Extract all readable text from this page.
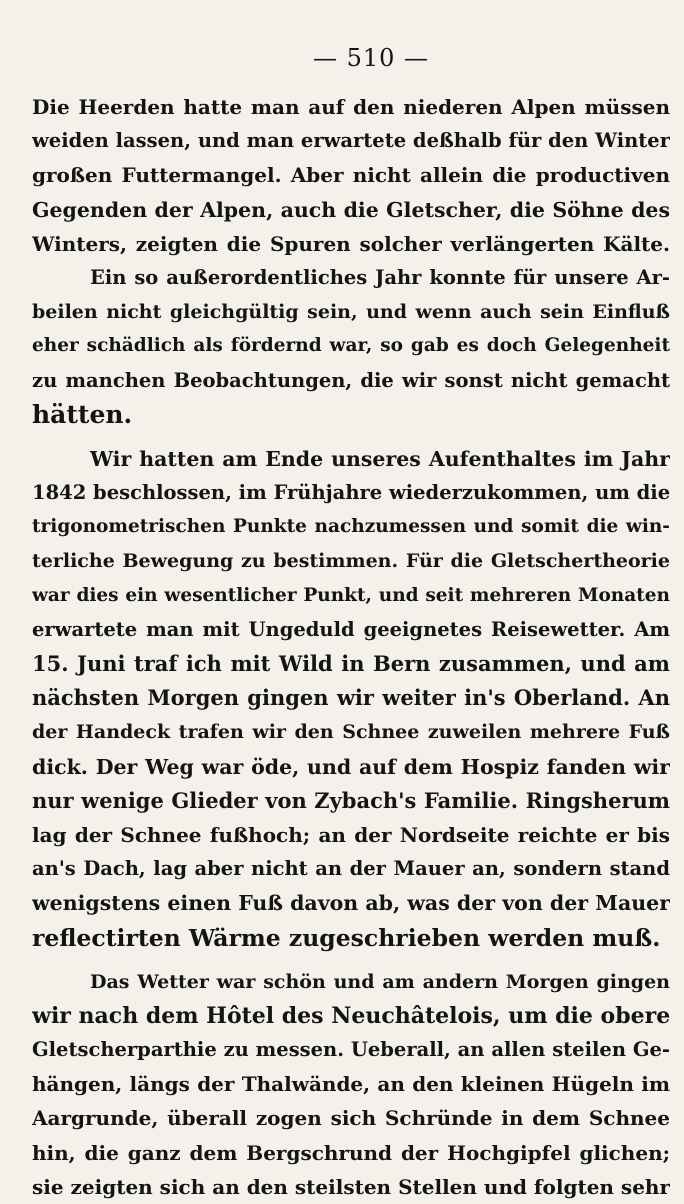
— 510 —
Die Heerden hatte man auf den niederen Alpen müssen
weiden lassen, und man erwartete deßhalb für den Winter
großen Futtermangel. Aber nicht allein die productiven
Gegenden der Alpen, auch die Gletscher, die Söhne des
Winters, zeigten die Spuren solcher verlängerten Kälte.
Ein so außerordentliches Jahr konnte für unsere Ar-
beilen nicht gleichgültig sein, und wenn auch sein Einfluß
eher schädlich als fördernd war, so gab es doch Gelegenheit
zu manchen Beobachtungen, die wir sonst nicht gemacht
hätten.
Wir hatten am Ende unseres Aufenthaltes im Jahr
1842 beschlossen, im Frühjahre wiederzukommen, um die
trigonometrischen Punkte nachzumessen und somit die win-
terliche Bewegung zu bestimmen. Für die Gletschertheorie
war dies ein wesentlicher Punkt, und seit mehreren Monaten
erwartete man mit Ungeduld geeignetes Reisewetter. Am
15. Juni traf ich mit Wild in Bern zusammen, und am
nächsten Morgen gingen wir weiter in's Oberland. An
der Handeck trafen wir den Schnee zuweilen mehrere Fuß
dick. Der Weg war öde, und auf dem Hospiz fanden wir
nur wenige Glieder von Zybach's Familie. Ringsherum
lag der Schnee fußhoch; an der Nordseite reichte er bis
an's Dach, lag aber nicht an der Mauer an, sondern stand
wenigstens einen Fuß davon ab, was der von der Mauer
reflectirten Wärme zugeschrieben werden muß.
Das Wetter war schön und am andern Morgen gingen
wir nach dem Hôtel des Neuchâtelois, um die obere
Gletscherparthie zu messen. Ueberall, an allen steilen Ge-
hängen, längs der Thalwände, an den kleinen Hügeln im
Aargrunde, überall zogen sich Schründe in dem Schnee
hin, die ganz dem Bergschrund der Hochgipfel glichen;
sie zeigten sich an den steilsten Stellen und folgten sehr
